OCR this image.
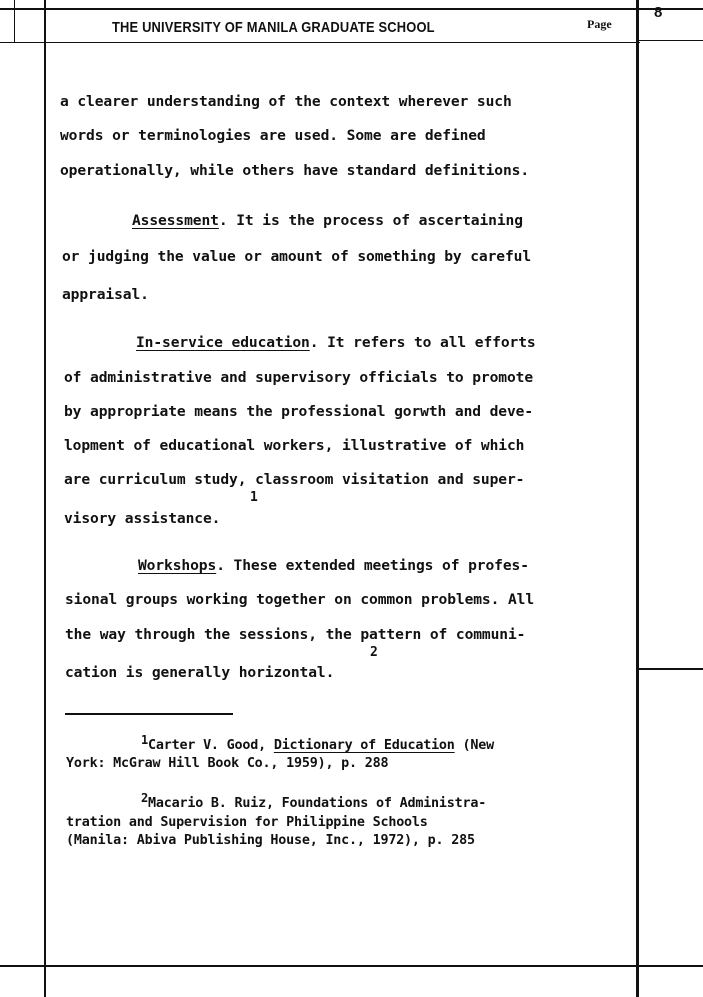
THE UNIVERSITY OF MANILA GRADUATE SCHOOL	Page
8
a clearer understanding of the context wherever such
words or terminologies are used. Some are defined
operationally, while others have standard definitions.
Assessment. It is the process of ascertaining
or judging the value or amount of something by careful
appraisal.
In-service education. It refers to all efforts
of administrative and supervisory officials to promote
by appropriate means the professional gorwth and deve-
lopment of educational workers, illustrative of which
are curriculum study, classroom visitation and super-
1
visory assistance.
Workshops. These extended meetings of profes-
sional groups working together on common problems. All
the way through the sessions, the pattern of communi-
2
cation is generally horizontal.
1Carter V. Good, Dictionary of Education (New
York: McGraw Hill Book Co., 1959), p. 288
2Macario B. Ruiz, Foundations of Administra-
tration and Supervision for Philippine Schools
(Manila: Abiva Publishing House, Inc., 1972), p. 285
